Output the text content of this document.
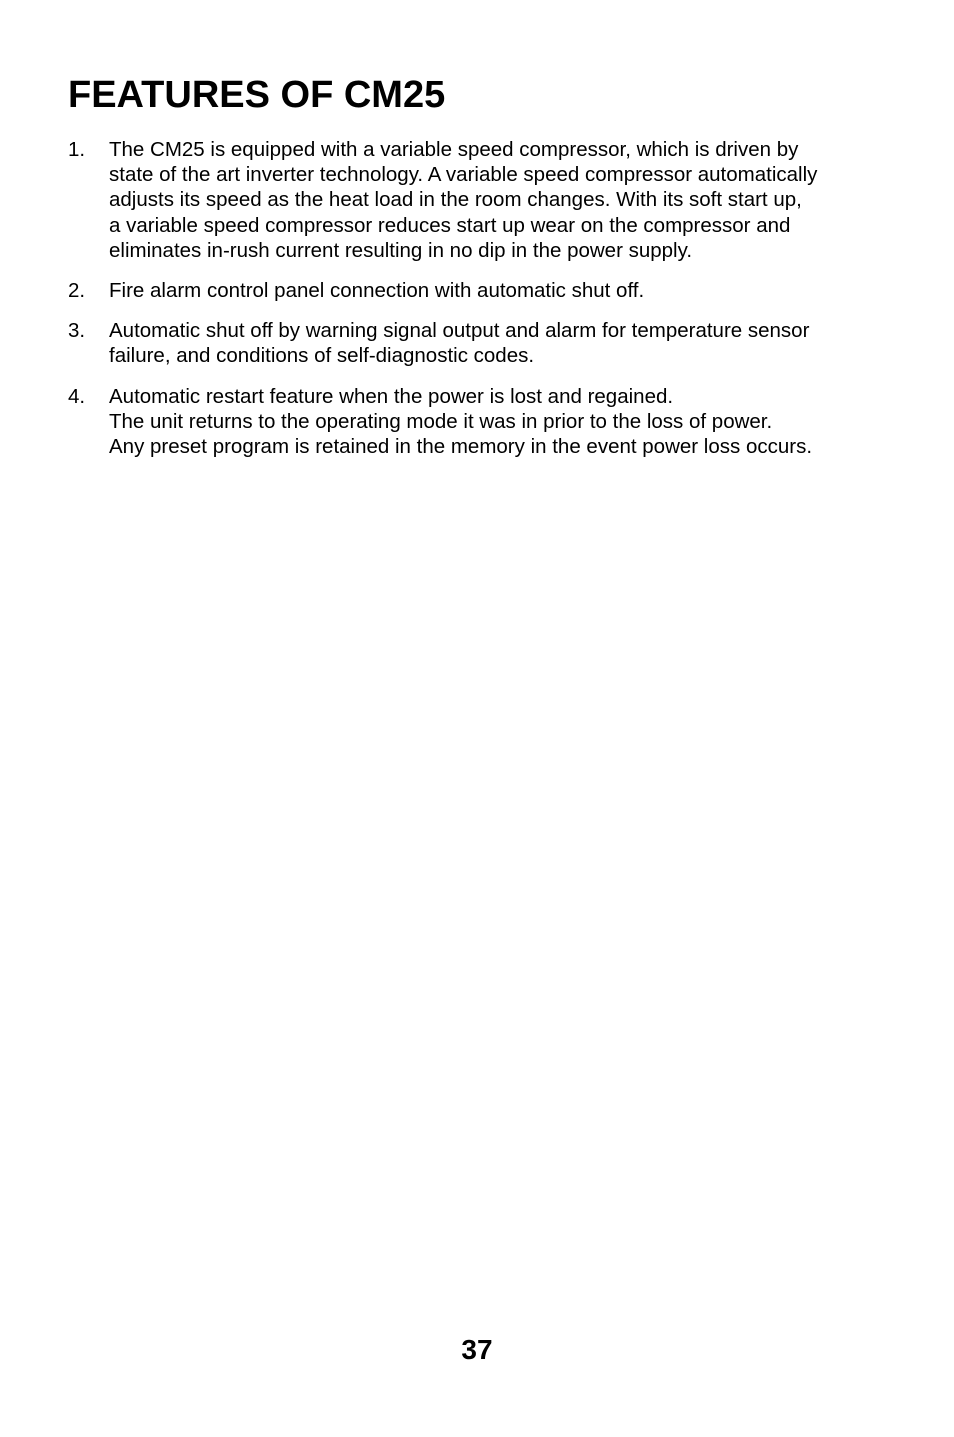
FEATURES OF CM25
1.	The CM25 is equipped with a variable speed compressor, which is driven by
state of the art inverter technology. A variable speed compressor automatically
adjusts its speed as the heat load in the room changes. With its soft start up,
a variable speed compressor reduces start up wear on the compressor and
eliminates in-rush current resulting in no dip in the power supply.
2.	Fire alarm control panel connection with automatic shut off.
3.	Automatic shut off by warning signal output and alarm for temperature sensor
failure, and conditions of self-diagnostic codes.
4.	Automatic restart feature when the power is lost and regained.
The unit returns to the operating mode it was in prior to the loss of power.
Any preset program is retained in the memory in the event power loss occurs.
37
